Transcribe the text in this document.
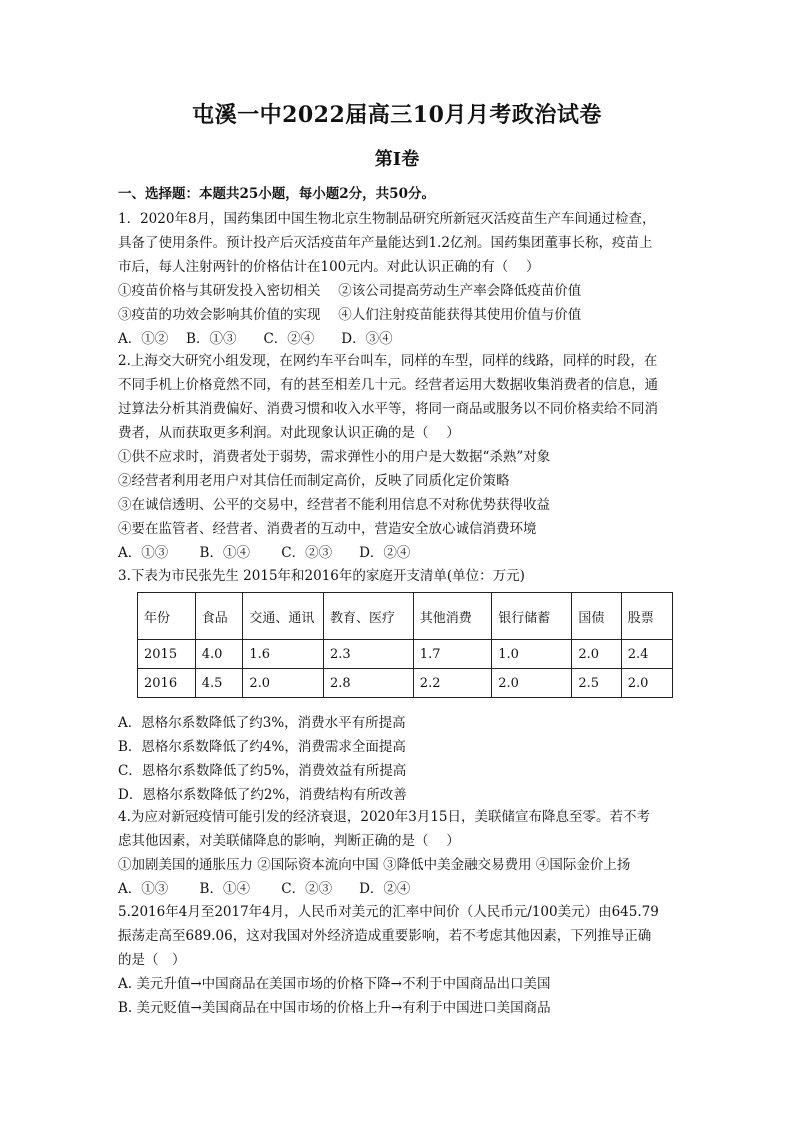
屯溪一中2022届高三10月月考政治试卷
第I卷
一、选择题：本题共25小题，每小题2分，共50分。
1．2020年8月，国药集团中国生物北京生物制品研究所新冠灭活疫苗生产车间通过检查，
具备了使用条件。预计投产后灭活疫苗年产量能达到1.2亿剂。国药集团董事长称，疫苗上
市后，每人注射两针的价格估计在100元内。对此认识正确的有（　 ）
①疫苗价格与其研发投入密切相关　 ②该公司提高劳动生产率会降低疫苗价值
③疫苗的功效会影响其价值的实现　 ④人们注射疫苗能获得其使用价值与价值
A．①②　 B．①③　　C．②④　　D．③④
2.上海交大研究小组发现，在网约车平台叫车，同样的车型，同样的线路，同样的时段，在
不同手机上价格竟然不同，有的甚至相差几十元。经营者运用大数据收集消费者的信息，通
过算法分析其消费偏好、消费习惯和收入水平等，将同一商品或服务以不同价格卖给不同消
费者，从而获取更多利润。对此现象认识正确的是（　 ）
①供不应求时，消费者处于弱势，需求弹性小的用户是大数据“杀熟”对象
②经营者利用老用户对其信任而制定高价，反映了同质化定价策略
③在诚信透明、公平的交易中，经营者不能利用信息不对称优势获得收益
④要在监管者、经营者、消费者的互动中，营造安全放心诚信消费环境
A．①③　　 B．①④　　 C．②③　　D．②④
3.下表为市民张先生 2015年和2016年的家庭开支清单(单位：万元)
年份	食品	交通、通讯	教育、医疗	其他消费	银行储蓄	国债	股票
2015	4.0	1.6	2.3	1.7	1.0	2.0	2.4
2016	4.5	2.0	2.8	2.2	2.0	2.5	2.0
A．恩格尔系数降低了约3%，消费水平有所提高
B．恩格尔系数降低了约4%，消费需求全面提高
C．恩格尔系数降低了约5%，消费效益有所提高
D．恩格尔系数降低了约2%，消费结构有所改善
4.为应对新冠疫情可能引发的经济衰退，2020年3月15日，美联储宣布降息至零。若不考
虑其他因素，对美联储降息的影响，判断正确的是（　 ）
①加剧美国的通胀压力 ②国际资本流向中国 ③降低中美金融交易费用 ④国际金价上扬
A．①③　　 B．①④　　 C．②③　　D．②④
5.2016年4月至2017年4月，人民币对美元的汇率中间价（人民币元/100美元）由645.79
振荡走高至689.06，这对我国对外经济造成重要影响，若不考虑其他因素，下列推导正确
的是（　）
A. 美元升值→中国商品在美国市场的价格下降→不利于中国商品出口美国
B. 美元贬值→美国商品在中国市场的价格上升→有利于中国进口美国商品
